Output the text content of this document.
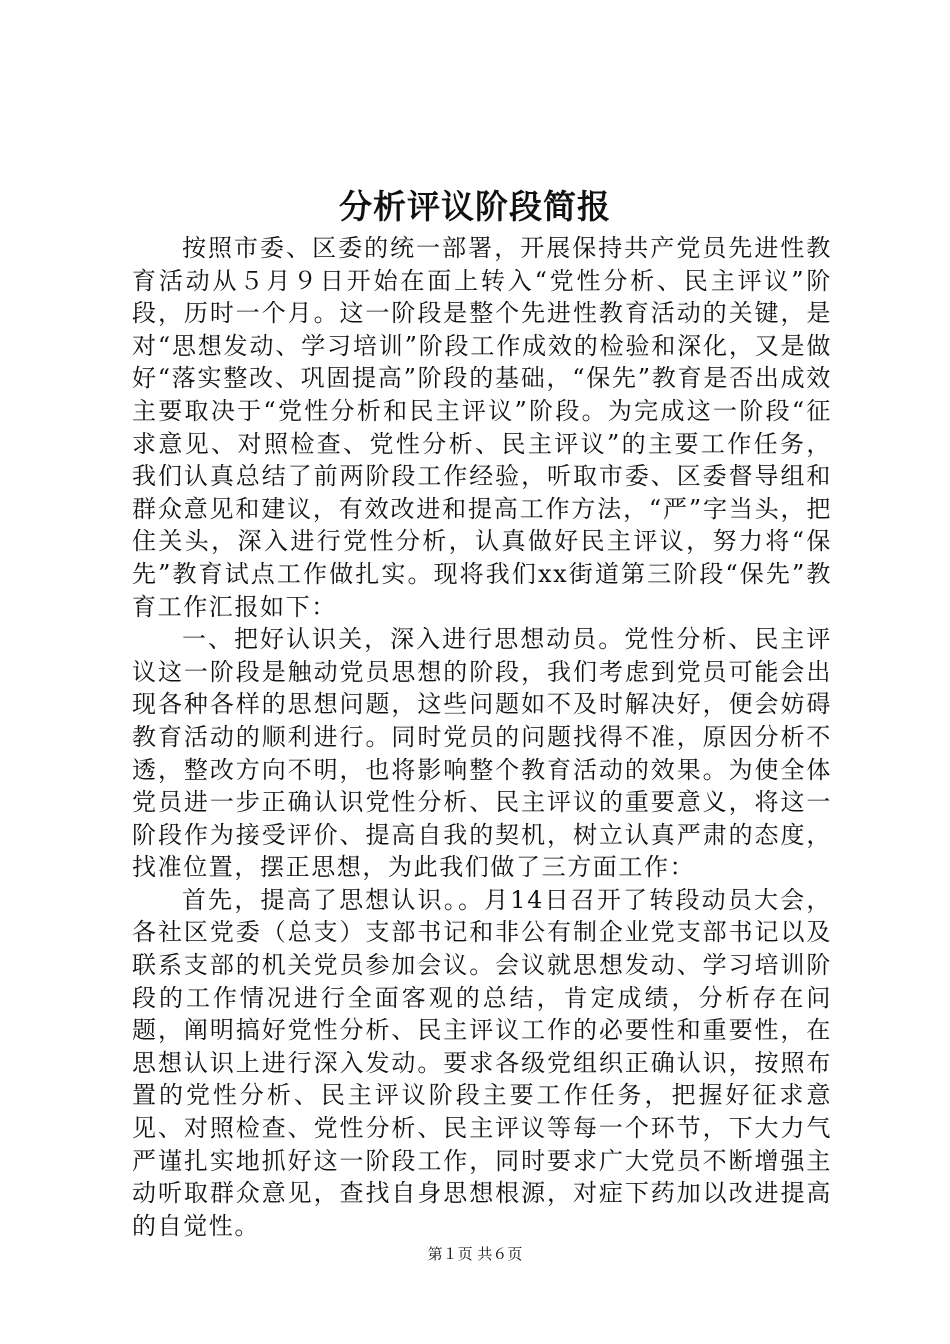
分析评议阶段简报

按照市委、区委的统一部署，开展保持共产党员先进性教育活动从５月９日开始在面上转入“党性分析、民主评议”阶段，历时一个月。这一阶段是整个先进性教育活动的关键，是对“思想发动、学习培训”阶段工作成效的检验和深化，又是做好“落实整改、巩固提高”阶段的基础，“保先”教育是否出成效主要取决于“党性分析和民主评议”阶段。为完成这一阶段“征求意见、对照检查、党性分析、民主评议”的主要工作任务，我们认真总结了前两阶段工作经验，听取市委、区委督导组和群众意见和建议，有效改进和提高工作方法，“严”字当头，把住关头，深入进行党性分析，认真做好民主评议，努力将“保先”教育试点工作做扎实。现将我们xx街道第三阶段“保先”教育工作汇报如下：

一、把好认识关，深入进行思想动员。党性分析、民主评议这一阶段是触动党员思想的阶段，我们考虑到党员可能会出现各种各样的思想问题，这些问题如不及时解决好，便会妨碍教育活动的顺利进行。同时党员的问题找得不准，原因分析不透，整改方向不明，也将影响整个教育活动的效果。为使全体党员进一步正确认识党性分析、民主评议的重要意义，将这一阶段作为接受评价、提高自我的契机，树立认真严肃的态度，找准位置，摆正思想，为此我们做了三方面工作：

首先，提高了思想认识。。月14日召开了转段动员大会，各社区党委（总支）支部书记和非公有制企业党支部书记以及联系支部的机关党员参加会议。会议就思想发动、学习培训阶段的工作情况进行全面客观的总结，肯定成绩，分析存在问题，阐明搞好党性分析、民主评议工作的必要性和重要性，在思想认识上进行深入发动。要求各级党组织正确认识，按照布置的党性分析、民主评议阶段主要工作任务，把握好征求意见、对照检查、党性分析、民主评议等每一个环节，下大力气严谨扎实地抓好这一阶段工作，同时要求广大党员不断增强主动听取群众意见，查找自身思想根源，对症下药加以改进提高的自觉性。

第１页 共６页
